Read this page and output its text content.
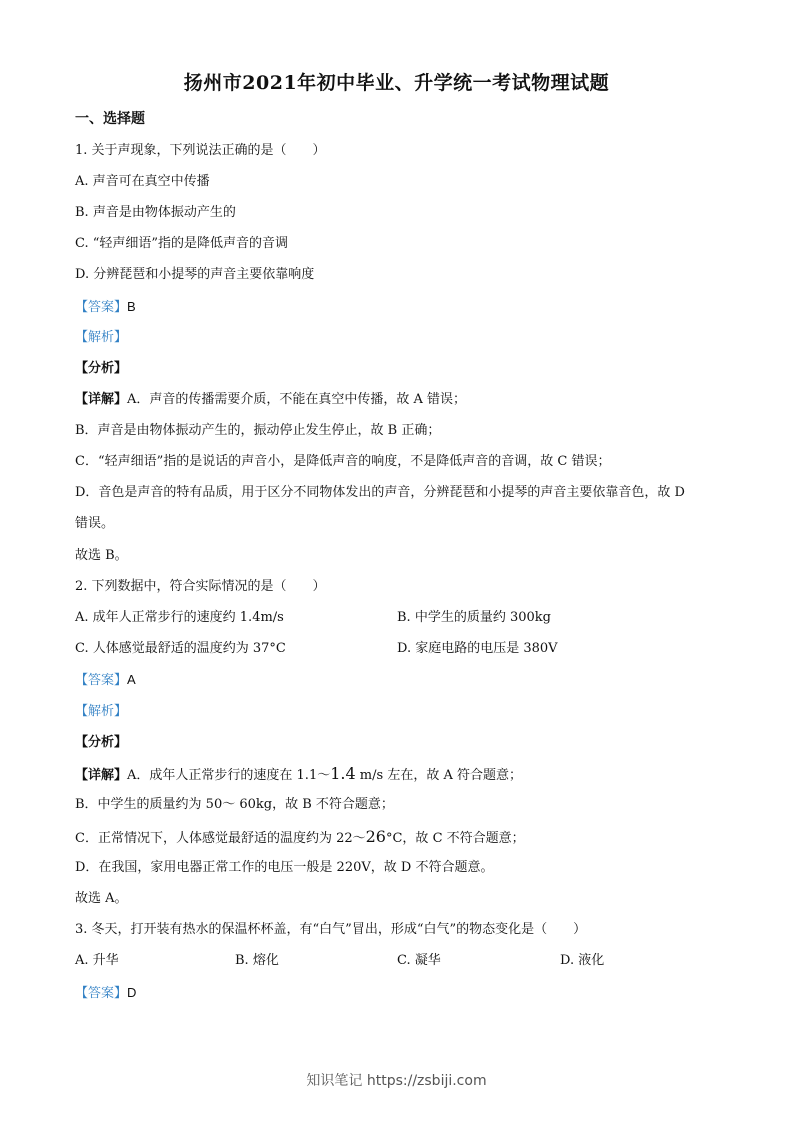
扬州市2021年初中毕业、升学统一考试物理试题
一、选择题
1. 关于声现象，下列说法正确的是（　　）
A. 声音可在真空中传播
B. 声音是由物体振动产生的
C. “轻声细语”指的是降低声音的音调
D. 分辨琵琶和小提琴的声音主要依靠响度
【答案】B
【解析】
【分析】
【详解】A．声音的传播需要介质，不能在真空中传播，故 A 错误；
B．声音是由物体振动产生的，振动停止发生停止，故 B 正确；
C．“轻声细语”指的是说话的声音小，是降低声音的响度，不是降低声音的音调，故 C 错误；
D．音色是声音的特有品质，用于区分不同物体发出的声音，分辨琵琶和小提琴的声音主要依靠音色，故 D
错误。
故选 B。
2. 下列数据中，符合实际情况的是（　　）
A. 成年人正常步行的速度约 1.4m/s	B. 中学生的质量约 300kg
C. 人体感觉最舒适的温度约为 37°C	D. 家庭电路的电压是 380V
【答案】A
【解析】
【分析】
【详解】A．成年人正常步行的速度在 1.1～1.4 m/s 左在，故 A 符合题意；
B．中学生的质量约为 50～ 60kg，故 B 不符合题意；
C．正常情况下，人体感觉最舒适的温度约为 22～26°C，故 C 不符合题意；
D．在我国，家用电器正常工作的电压一般是 220V，故 D 不符合题意。
故选 A。
3. 冬天，打开装有热水的保温杯杯盖，有“白气”冒出，形成“白气”的物态变化是（　　）
A. 升华	B. 熔化	C. 凝华	D. 液化
【答案】D
知识笔记 https://zsbiji.com
